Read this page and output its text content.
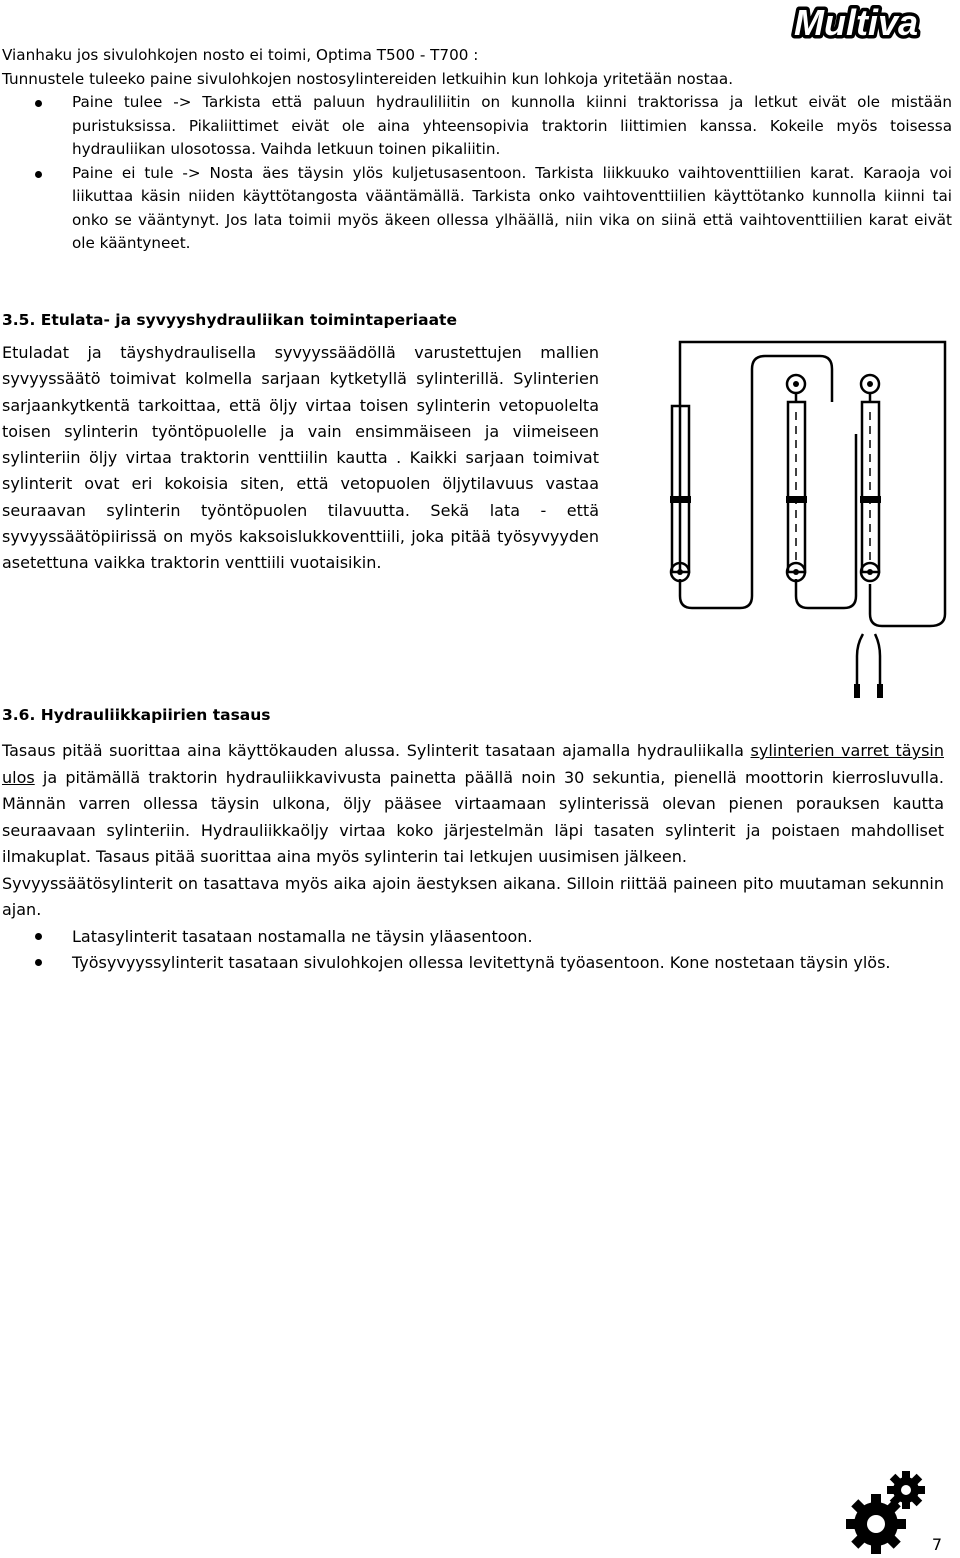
Multiva

Vianhaku jos sivulohkojen nosto ei toimi, Optima T500 - T700 :

Tunnustele tuleeko paine sivulohkojen nostosylintereiden letkuihin kun lohkoja yritetään nostaa.

Paine tulee -> Tarkista että paluun hydrauliliitin on kunnolla kiinni traktorissa ja letkut eivät ole mistään puristuksissa. Pikaliittimet eivät ole aina yhteensopivia traktorin liittimien kanssa. Kokeile myös toisessa hydrauliikan ulosotossa. Vaihda letkuun toinen pikaliitin.
Paine ei tule -> Nosta äes täysin ylös kuljetusasentoon. Tarkista liikkuuko vaihtoventtiilien karat. Karaoja voi liikuttaa käsin niiden käyttötangosta vääntämällä. Tarkista onko vaihtoventtiilien käyttötanko kunnolla kiinni tai onko se vääntynyt. Jos lata toimii myös äkeen ollessa ylhäällä, niin vika on siinä että vaihtoventtiilien karat eivät ole kääntyneet.
3.5. Etulata- ja syvyyshydrauliikan toimintaperiaate
Etuladat ja täyshydraulisella syvyyssäädöllä varustettujen mallien syvyyssäätö toimivat kolmella sarjaan kytketyllä sylinterillä. Sylinterien sarjaankytkentä tarkoittaa, että öljy virtaa toisen sylinterin vetopuolelta toisen sylinterin työntöpuolelle ja vain ensimmäiseen ja viimeiseen sylinteriin öljy virtaa traktorin venttiilin kautta . Kaikki sarjaan toimivat sylinterit ovat eri kokoisia siten, että vetopuolen öljytilavuus vastaa seuraavan sylinterin työntöpuolen tilavuutta. Sekä lata - että syvyyssäätöpiirissä on myös kaksoislukkoventtiili, joka pitää työsyvyyden asetettuna vaikka traktorin venttiili vuotaisikin.
3.6. Hydrauliikkapiirien tasaus

Tasaus pitää suorittaa aina käyttökauden alussa. Sylinterit tasataan ajamalla hydrauliikalla sylinterien varret täysin ulos ja pitämällä traktorin hydrauliikkavivusta painetta päällä noin 30 sekuntia, pienellä moottorin kierrosluvulla. Männän varren ollessa täysin ulkona, öljy pääsee virtaamaan sylinterissä olevan pienen porauksen kautta seuraavaan sylinteriin. Hydrauliikkaöljy virtaa koko järjestelmän läpi tasaten sylinterit ja poistaen mahdolliset ilmakuplat. Tasaus pitää suorittaa aina myös sylinterin tai letkujen uusimisen jälkeen.

Syvyyssäätösylinterit on tasattava myös aika ajoin äestyksen aikana. Silloin riittää paineen pito muutaman sekunnin ajan.

Latasylinterit tasataan nostamalla ne täysin yläasentoon.
Työsyvyyssylinterit tasataan sivulohkojen ollessa levitettynä työasentoon. Kone nostetaan täysin ylös.
7
